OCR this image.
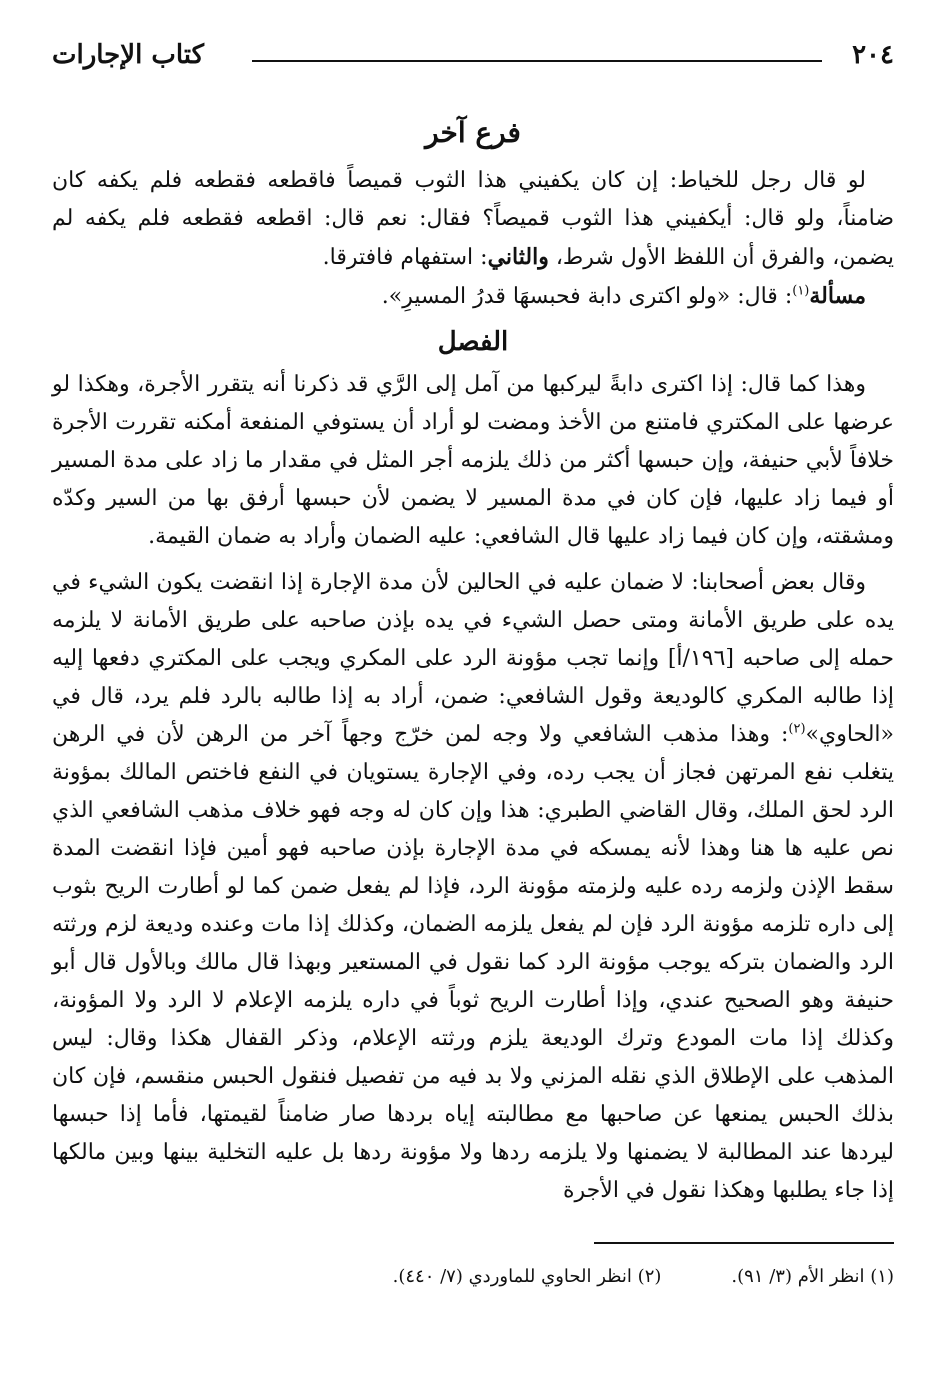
٢٠٤
كتاب الإجارات
فرع آخر

لو قال رجل للخياط: إن كان يكفيني هذا الثوب قميصاً فاقطعه فقطعه فلم يكفه كان ضامناً، ولو قال: أيكفيني هذا الثوب قميصاً؟ فقال: نعم قال: اقطعه فقطعه فلم يكفه لم يضمن، والفرق أن اللفظ الأول شرط، والثاني: استفهام فافترقا.

مسألة$^{(١)}$: قال: «ولو اكترى دابة فحبسهَا قدرُ المسيرِ».

الفصل

وهذا كما قال: إذا اكترى دابةً ليركبها من آمل إلى الرَّي قد ذكرنا أنه يتقرر الأجرة، وهكذا لو عرضها على المكتري فامتنع من الأخذ ومضت لو أراد أن يستوفي المنفعة أمكنه تقررت الأجرة خلافاً لأبي حنيفة، وإن حبسها أكثر من ذلك يلزمه أجر المثل في مقدار ما زاد على مدة المسير أو فيما زاد عليها، فإن كان في مدة المسير لا يضمن لأن حبسها أرفق بها من السير وكدّه ومشقته، وإن كان فيما زاد عليها قال الشافعي: عليه الضمان وأراد به ضمان القيمة.

وقال بعض أصحابنا: لا ضمان عليه في الحالين لأن مدة الإجارة إذا انقضت يكون الشيء في يده على طريق الأمانة ومتى حصل الشيء في يده بإذن صاحبه على طريق الأمانة لا يلزمه حمله إلى صاحبه [١٩٦/أ] وإنما تجب مؤونة الرد على المكري ويجب على المكتري دفعها إليه إذا طالبه المكري كالوديعة وقول الشافعي: ضمن، أراد به إذا طالبه بالرد فلم يرد، قال في «الحاوي»$^{(٢)}$: وهذا مذهب الشافعي ولا وجه لمن خرّج وجهاً آخر من الرهن لأن في الرهن يتغلب نفع المرتهن فجاز أن يجب رده، وفي الإجارة يستويان في النفع فاختص المالك بمؤونة الرد لحق الملك، وقال القاضي الطبري: هذا وإن كان له وجه فهو خلاف مذهب الشافعي الذي نص عليه ها هنا وهذا لأنه يمسكه في مدة الإجارة بإذن صاحبه فهو أمين فإذا انقضت المدة سقط الإذن ولزمه رده عليه ولزمته مؤونة الرد، فإذا لم يفعل ضمن كما لو أطارت الريح بثوب إلى داره تلزمه مؤونة الرد فإن لم يفعل يلزمه الضمان، وكذلك إذا مات وعنده وديعة لزم ورثته الرد والضمان بتركه يوجب مؤونة الرد كما نقول في المستعير وبهذا قال مالك وبالأول قال أبو حنيفة وهو الصحيح عندي، وإذا أطارت الريح ثوباً في داره يلزمه الإعلام لا الرد ولا المؤونة، وكذلك إذا مات المودع وترك الوديعة يلزم ورثته الإعلام، وذكر القفال هكذا وقال: ليس المذهب على الإطلاق الذي نقله المزني ولا بد فيه من تفصيل فنقول الحبس منقسم، فإن كان بذلك الحبس يمنعها عن صاحبها مع مطالبته إياه بردها صار ضامناً لقيمتها، فأما إذا حبسها ليردها عند المطالبة لا يضمنها ولا يلزمه ردها ولا مؤونة ردها بل عليه التخلية بينها وبين مالكها إذا جاء يطلبها وهكذا نقول في الأجرة

(١) انظر الأم (٣/ ٩١).
(٢) انظر الحاوي للماوردي (٧/ ٤٤٠).
